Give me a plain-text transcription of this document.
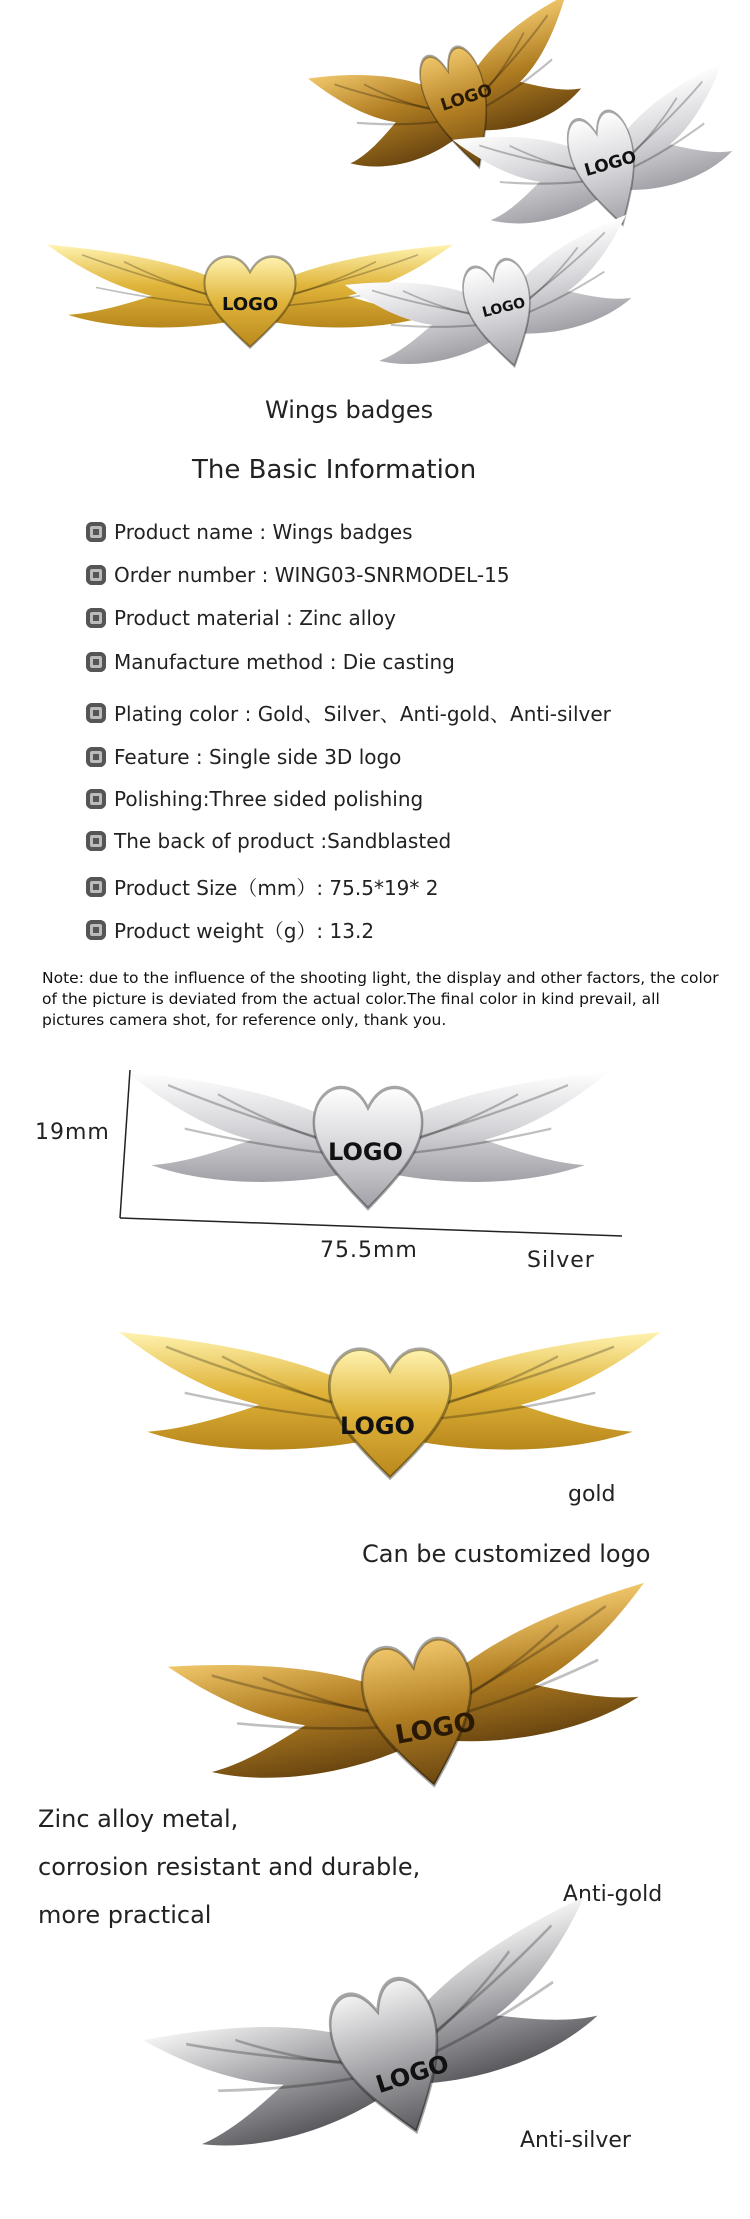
LOGO
LOGO
LOGO	LOGO
Wings badges
The Basic Information
Product name : Wings badges
Order number : WING03-SNRMODEL-15
Product material : Zinc alloy
Manufacture method : Die casting
Plating color : Gold、Silver、Anti-gold、Anti-silver
Feature : Single side 3D logo
Polishing:Three sided polishing
The back of product :Sandblasted
Product Size（mm）: 75.5*19* 2
Product weight（g）: 13.2
Note: due to the influence of the shooting light, the display and other factors, the color of the picture is deviated from the actual color.The final color in kind prevail, all pictures camera shot, for reference only, thank you.
LOGO
19mm
75.5mm	Silver
LOGO
gold
Can be customized logo
LOGO
Zinc alloy metal,
corrosion resistant and durable,
more practical
Anti-gold
LOGO
Anti-silver
